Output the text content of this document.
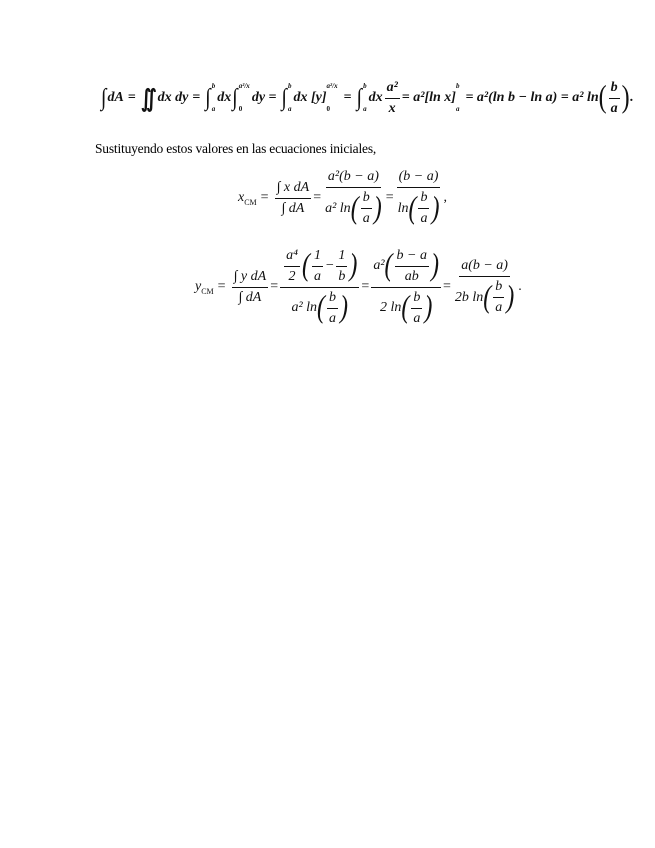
∫ dA = ∬ dx dy = ∫ b
a
dx ∫ a²/x
0
dy = ∫ b
a
dx [y]
a²/x
0
= ∫ b
a
dx $\frac{\text{a²}}{x} = a^2[\ln$ x]
b
a
= a²(ln b − ln a) = a² ln ( $\frac{b}{a}$ ) .
Sustituyendo estos valores en las ecuaciones iniciales,
x CM = $\frac{\text{∫ x dA}}{\int dA}$ =
a²(b − a)
a² ln ( $\frac{b}{a}$ ) =
(b − a)
ln ( $\frac{b}{a}$ ) ,
y CM = $\frac{\text{∫ y dA}}{\int dA}$ =
$\frac{\text{a⁴}}{2}$ ( $\frac{1}{a} - \frac{1}{b}$ )
a² ln ( $\frac{b}{a}$ )
=
a² ( $\frac{b - a}{ab}$ )
2 ln ( $\frac{b}{a}$ )
=
a(b − a)
2b ln ( $\frac{b}{a}$ ) .
